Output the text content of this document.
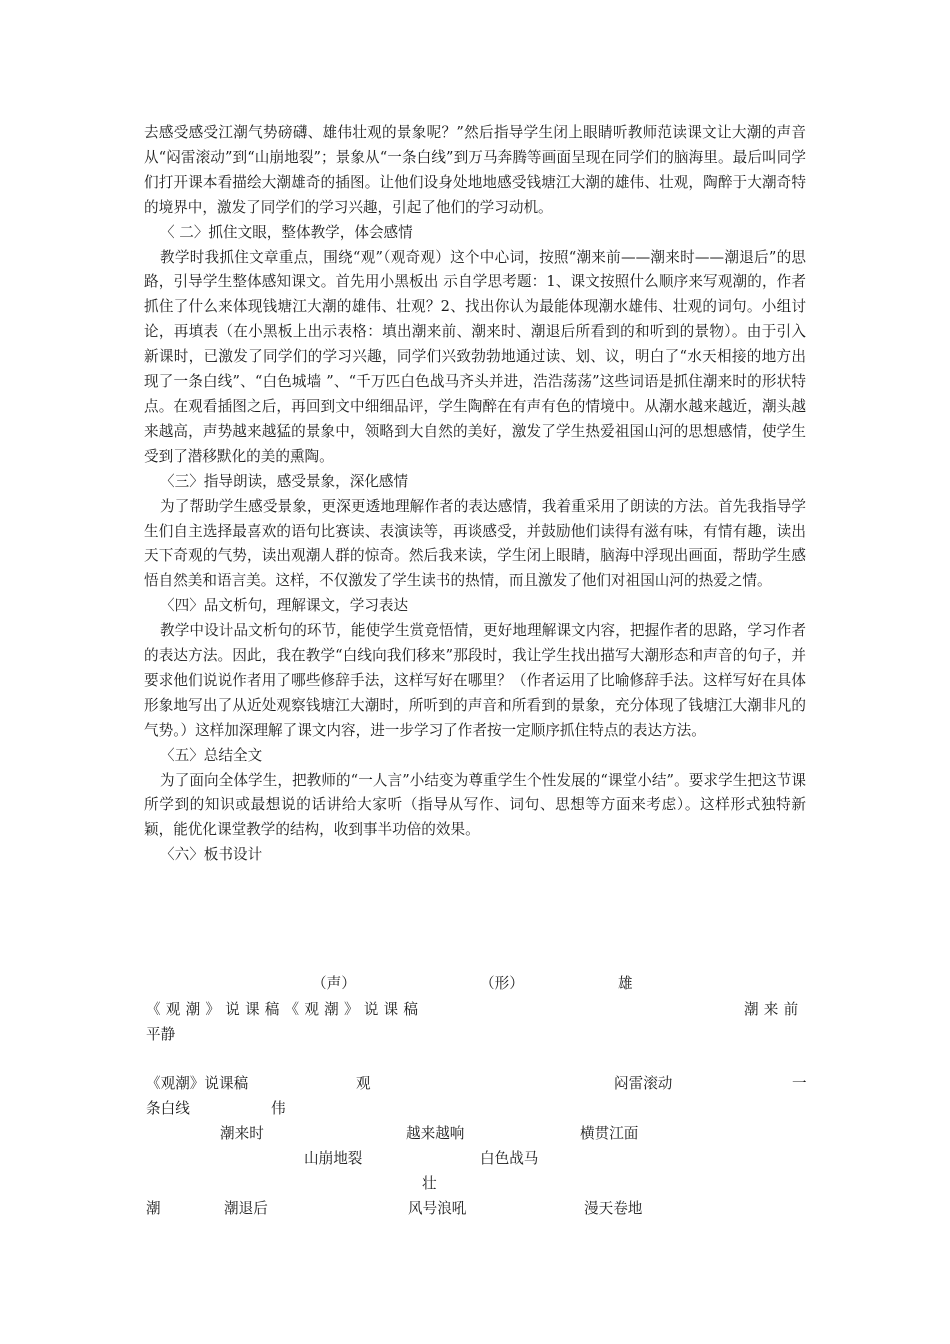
去感受感受江潮气势磅礴、雄伟壮观的景象呢？”然后指导学生闭上眼睛听教师范读课文让大潮的声音从“闷雷滚动”到“山崩地裂”；景象从“一条白线”到万马奔腾等画面呈现在同学们的脑海里。最后叫同学们打开课本看描绘大潮雄奇的插图。让他们设身处地地感受钱塘江大潮的雄伟、壮观，陶醉于大潮奇特的境界中，激发了同学们的学习兴趣，引起了他们的学习动机。

〈 二〉抓住文眼，整体教学，体会感情

教学时我抓住文章重点，围绕“观”（观奇观）这个中心词，按照“潮来前——潮来时——潮退后”的思路，引导学生整体感知课文。首先用小黑板出 示自学思考题：1、课文按照什么顺序来写观潮的，作者抓住了什么来体现钱塘江大潮的雄伟、壮观？2、找出你认为最能体现潮水雄伟、壮观的词句。小组讨论，再填表（在小黑板上出示表格：填出潮来前、潮来时、潮退后所看到的和听到的景物）。由于引入新课时，已激发了同学们的学习兴趣，同学们兴致勃勃地通过读、划、议，明白了“水天相接的地方出现了一条白线”、“白色城墙 ”、“千万匹白色战马齐头并进，浩浩荡荡”这些词语是抓住潮来时的形状特点。在观看插图之后，再回到文中细细品评，学生陶醉在有声有色的情境中。从潮水越来越近，潮头越来越高，声势越来越猛的景象中，领略到大自然的美好，激发了学生热爱祖国山河的思想感情，使学生受到了潜移默化的美的熏陶。

〈三〉指导朗读，感受景象，深化感情

为了帮助学生感受景象，更深更透地理解作者的表达感情，我着重采用了朗读的方法。首先我指导学生们自主选择最喜欢的语句比赛读、表演读等，再谈感受，并鼓励他们读得有滋有味，有情有趣，读出天下奇观的气势，读出观潮人群的惊奇。然后我来读，学生闭上眼睛，脑海中浮现出画面，帮助学生感悟自然美和语言美。这样，不仅激发了学生读书的热情，而且激发了他们对祖国山河的热爱之情。

〈四〉品文析句，理解课文，学习表达

教学中设计品文析句的环节，能使学生赏竟悟情，更好地理解课文内容，把握作者的思路，学习作者的表达方法。因此，我在教学“白线向我们移来”那段时，我让学生找出描写大潮形态和声音的句子，并要求他们说说作者用了哪些修辞手法，这样写好在哪里？（作者运用了比喻修辞手法。这样写好在具体形象地写出了从近处观察钱塘江大潮时，所听到的声音和所看到的景象，充分体现了钱塘江大潮非凡的气势。）这样加深理解了课文内容，进一步学习了作者按一定顺序抓住特点的表达方法。

〈五〉总结全文

为了面向全体学生，把教师的“一人言”小结变为尊重学生个性发展的“课堂小结”。要求学生把这节课所学到的知识或最想说的话讲给大家听（指导从写作、词句、思想等方面来考虑）。这样形式独特新颖，能优化课堂教学的结构，收到事半功倍的效果。

〈六〉板书设计

（声）	（形）	雄
《观潮》说课稿《观潮》说课稿	潮来前
平静
《观潮》说课稿	观	闷雷滚动	一
条白线	伟
潮来时	越来越响	横贯江面
山崩地裂	白色战马
壮
潮	潮退后	风号浪吼	漫天卷地
